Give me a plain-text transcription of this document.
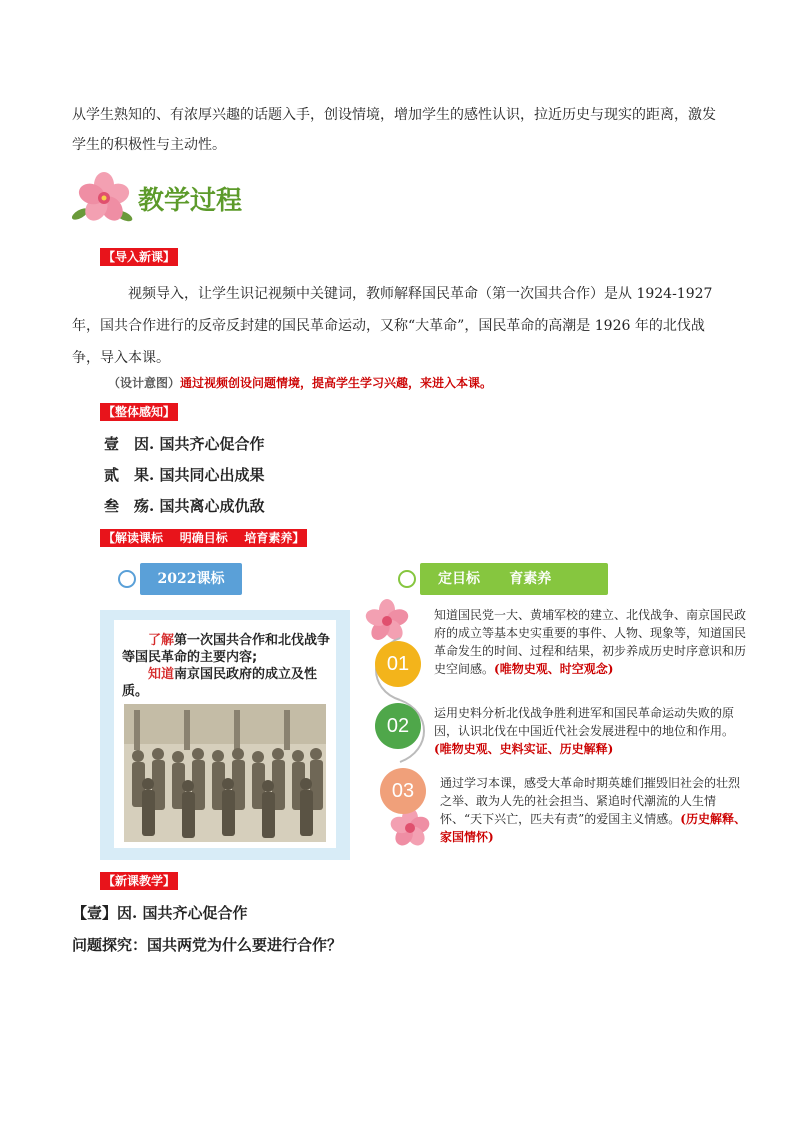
从学生熟知的、有浓厚兴趣的话题入手，创设情境，增加学生的感性认识，拉近历史与现实的距离，激发学生的积极性与主动性。
教学过程
【导入新课】
视频导入，让学生识记视频中关键词，教师解释国民革命（第一次国共合作）是从 1924-1927 年，国共合作进行的反帝反封建的国民革命运动，又称“大革命”，国民革命的高潮是 1926 年的北伐战争，导入本课。
（设计意图）通过视频创设问题情境，提高学生学习兴趣，来进入本课。
【整体感知】
壹 因. 国共齐心促合作
贰 果. 国共同心出成果
叁 殇. 国共离心成仇敌
【解读课标    明确目标    培育素养】
2022课标	定目标      育素养
了解第一次国共合作和北伐战争等国民革命的主要内容;
知道南京国民政府的成立及性质。
01
02
03
知道国民党一大、黄埔军校的建立、北伐战争、南京国民政府的成立等基本史实重要的事件、人物、现象等，知道国民革命发生的时间、过程和结果，初步养成历史时序意识和历史空间感。(唯物史观、时空观念)
运用史料分析北伐战争胜利进军和国民革命运动失败的原因，认识北伐在中国近代社会发展进程中的地位和作用。(唯物史观、史料实证、历史解释)
通过学习本课，感受大革命时期英雄们摧毁旧社会的壮烈之举、敢为人先的社会担当、紧追时代潮流的人生情怀、“天下兴亡，匹夫有责”的爱国主义情感。(历史解释、家国情怀)
【新课教学】
【壹】因. 国共齐心促合作
问题探究：国共两党为什么要进行合作？
